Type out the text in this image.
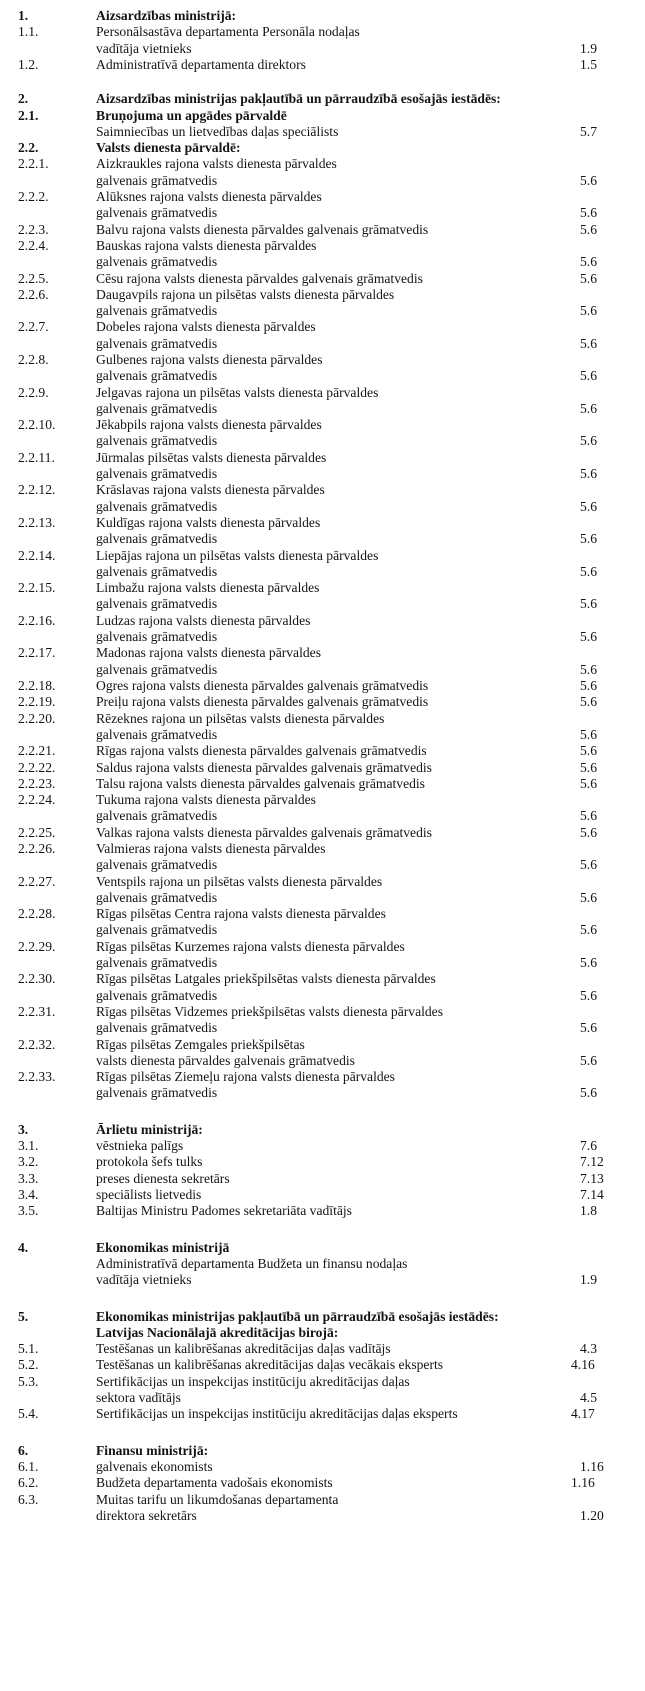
1.	Aizsardzības ministrijā:
1.1.	Personālsastāva departamenta Personāla nodaļas
vadītāja vietnieks	1.9
1.2.	Administratīvā departamenta direktors	1.5
2.	Aizsardzības ministrijas pakļautībā un pārraudzībā esošajās iestādēs:
2.1.	Bruņojuma un apgādes pārvaldē
Saimniecības un lietvedības daļas speciālists	5.7
2.2.	Valsts dienesta pārvaldē:
2.2.1.	Aizkraukles rajona valsts dienesta pārvaldes
galvenais grāmatvedis	5.6
2.2.2.	Alūksnes rajona valsts dienesta pārvaldes
galvenais grāmatvedis	5.6
2.2.3.	Balvu rajona valsts dienesta pārvaldes galvenais grāmatvedis	5.6
2.2.4.	Bauskas rajona valsts dienesta pārvaldes
galvenais grāmatvedis	5.6
2.2.5.	Cēsu rajona valsts dienesta pārvaldes galvenais grāmatvedis	5.6
2.2.6.	Daugavpils rajona un pilsētas valsts dienesta pārvaldes
galvenais grāmatvedis	5.6
2.2.7.	Dobeles rajona valsts dienesta pārvaldes
galvenais grāmatvedis	5.6
2.2.8.	Gulbenes rajona valsts dienesta pārvaldes
galvenais grāmatvedis	5.6
2.2.9.	Jelgavas rajona un pilsētas valsts dienesta pārvaldes
galvenais grāmatvedis	5.6
2.2.10.	Jēkabpils rajona valsts dienesta pārvaldes
galvenais grāmatvedis	5.6
2.2.11.	Jūrmalas pilsētas valsts dienesta pārvaldes
galvenais grāmatvedis	5.6
2.2.12.	Krāslavas rajona valsts dienesta pārvaldes
galvenais grāmatvedis	5.6
2.2.13.	Kuldīgas rajona valsts dienesta pārvaldes
galvenais grāmatvedis	5.6
2.2.14.	Liepājas rajona un pilsētas valsts dienesta pārvaldes
galvenais grāmatvedis	5.6
2.2.15.	Limbažu rajona valsts dienesta pārvaldes
galvenais grāmatvedis	5.6
2.2.16.	Ludzas rajona valsts dienesta pārvaldes
galvenais grāmatvedis	5.6
2.2.17.	Madonas rajona valsts dienesta pārvaldes
galvenais grāmatvedis	5.6
2.2.18.	Ogres rajona valsts dienesta pārvaldes galvenais grāmatvedis	5.6
2.2.19.	Preiļu rajona valsts dienesta pārvaldes galvenais grāmatvedis	5.6
2.2.20.	Rēzeknes rajona un pilsētas valsts dienesta pārvaldes
galvenais grāmatvedis	5.6
2.2.21.	Rīgas rajona valsts dienesta pārvaldes galvenais grāmatvedis	5.6
2.2.22.	Saldus rajona valsts dienesta pārvaldes galvenais grāmatvedis	5.6
2.2.23.	Talsu rajona valsts dienesta pārvaldes galvenais grāmatvedis	5.6
2.2.24.	Tukuma rajona valsts dienesta pārvaldes
galvenais grāmatvedis	5.6
2.2.25.	Valkas rajona valsts dienesta pārvaldes galvenais grāmatvedis	5.6
2.2.26.	Valmieras rajona valsts dienesta pārvaldes
galvenais grāmatvedis	5.6
2.2.27.	Ventspils rajona un pilsētas valsts dienesta pārvaldes
galvenais grāmatvedis	5.6
2.2.28.	Rīgas pilsētas Centra rajona valsts dienesta pārvaldes
galvenais grāmatvedis	5.6
2.2.29.	Rīgas pilsētas Kurzemes rajona valsts dienesta pārvaldes
galvenais grāmatvedis	5.6
2.2.30.	Rīgas pilsētas Latgales priekšpilsētas valsts dienesta pārvaldes
galvenais grāmatvedis	5.6
2.2.31.	Rīgas pilsētas Vidzemes priekšpilsētas valsts dienesta pārvaldes
galvenais grāmatvedis	5.6
2.2.32.	Rīgas pilsētas Zemgales priekšpilsētas
valsts dienesta pārvaldes galvenais grāmatvedis	5.6
2.2.33.	Rīgas pilsētas Ziemeļu rajona valsts dienesta pārvaldes
galvenais grāmatvedis	5.6
3.	Ārlietu ministrijā:
3.1.	vēstnieka palīgs	7.6
3.2.	protokola šefs tulks	7.12
3.3.	preses dienesta sekretārs	7.13
3.4.	speciālists lietvedis	7.14
3.5.	Baltijas Ministru Padomes sekretariāta vadītājs	1.8
4.	Ekonomikas ministrijā
Administratīvā departamenta Budžeta un finansu nodaļas
vadītāja vietnieks	1.9
5.	Ekonomikas ministrijas pakļautībā un pārraudzībā esošajās iestādēs:
Latvijas Nacionālajā akreditācijas birojā:
5.1.	Testēšanas un kalibrēšanas akreditācijas daļas vadītājs	4.3
5.2.	Testēšanas un kalibrēšanas akreditācijas daļas vecākais eksperts	4.16
5.3.	Sertifikācijas un inspekcijas institūciju akreditācijas daļas
sektora vadītājs	4.5
5.4.	Sertifikācijas un inspekcijas institūciju akreditācijas daļas eksperts	4.17
6.	Finansu ministrijā:
6.1.	galvenais ekonomists	1.16
6.2.	Budžeta departamenta vadošais ekonomists	1.16
6.3.	Muitas tarifu un likumdošanas departamenta
direktora sekretārs	1.20
